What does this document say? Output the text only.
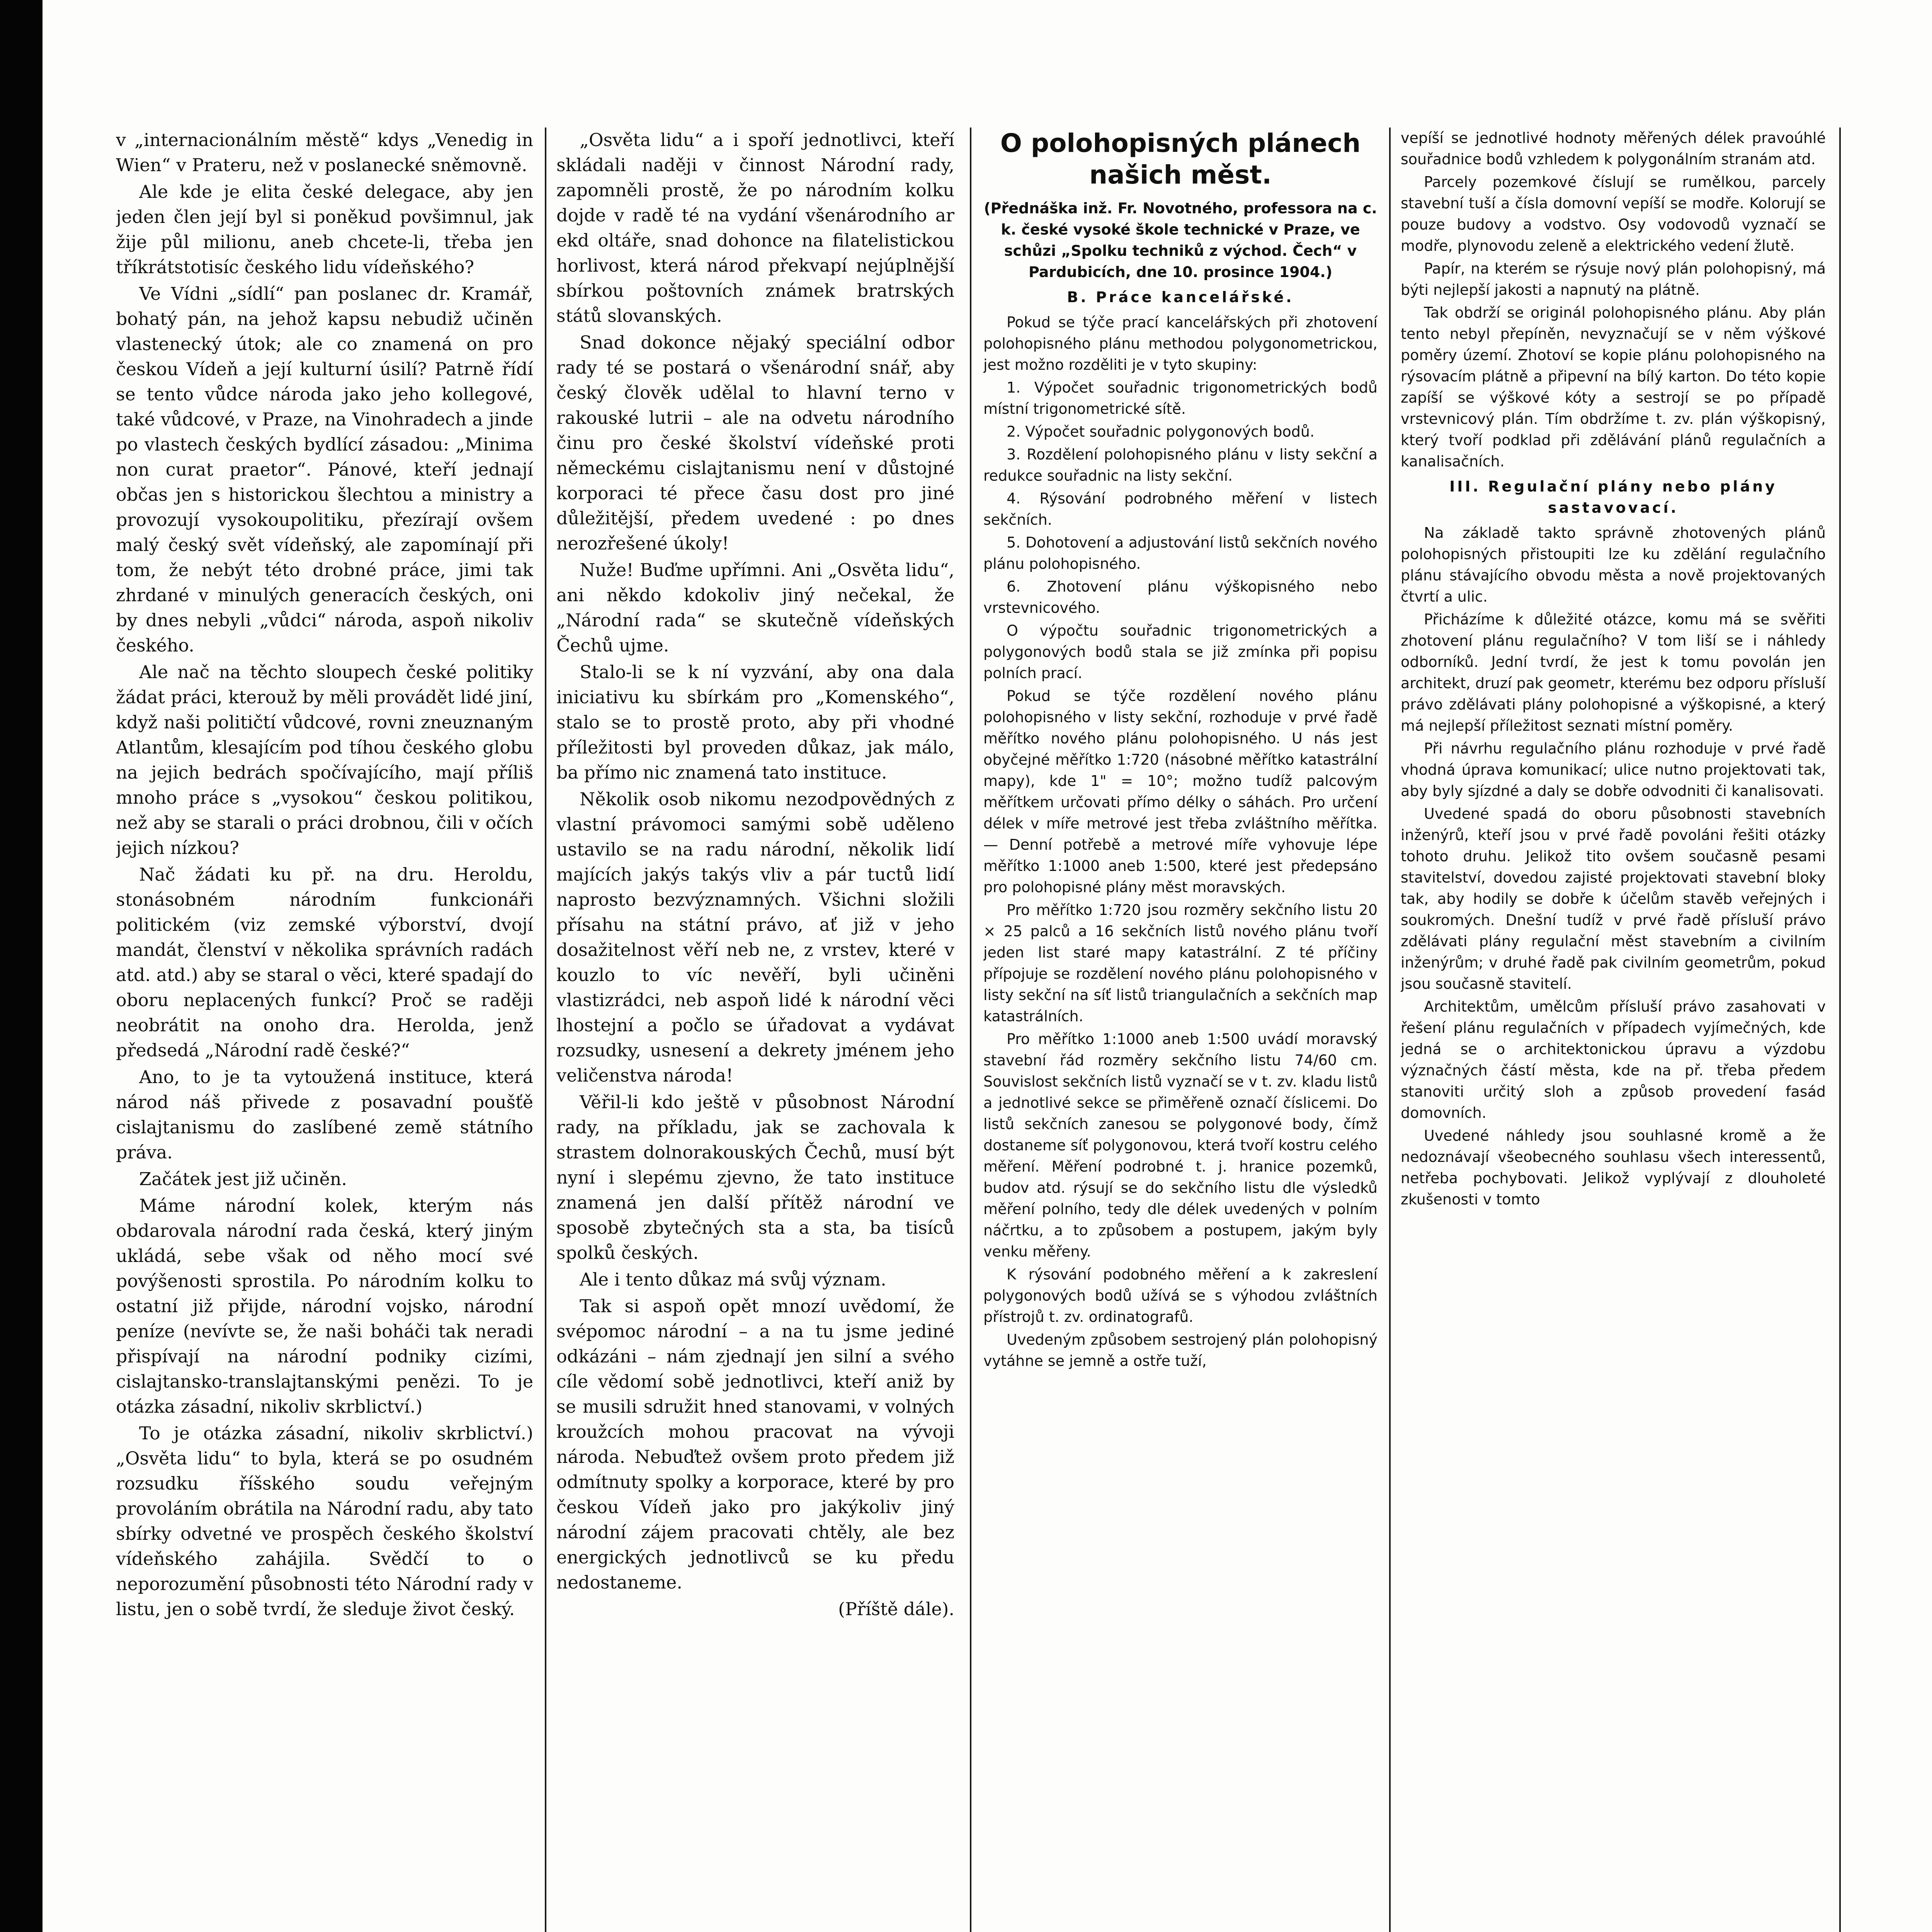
v „internacionálním městě“ kdys „Venedig in Wien“ v Prateru, než v poslanecké sněmovně.

Ale kde je elita české delegace, aby jen jeden člen její byl si poněkud povšimnul, jak žije půl milionu, aneb chcete-li, třeba jen tříkrátstotisíc českého lidu vídeňského?

Ve Vídni „sídlí“ pan poslanec dr. Kramář, bohatý pán, na jehož kapsu nebudiž učiněn vlastenecký útok; ale co znamená on pro českou Vídeň a její kulturní úsilí? Patrně řídí se tento vůdce národa jako jeho kollegové, také vůdcové, v Praze, na Vinohradech a jinde po vlastech českých bydlící zásadou: „Minima non curat praetor“. Pánové, kteří jednají občas jen s historickou šlechtou a ministry a provozují vysokoupolitiku, přezírají ovšem malý český svět vídeňský, ale zapomínají při tom, že nebýt této drobné práce, jimi tak zhrdané v minulých generacích českých, oni by dnes nebyli „vůdci“ národa, aspoň nikoliv českého.

Ale nač na těchto sloupech české politiky žádat práci, kterouž by měli provádět lidé jiní, když naši političtí vůdcové, rovni zneuznaným Atlantům, klesajícím pod tíhou českého globu na jejich bedrách spočívajícího, mají příliš mnoho práce s „vysokou“ českou politikou, než aby se starali o práci drobnou, čili v očích jejich nízkou?

Nač žádati ku př. na dru. Heroldu, stonásobném národním funkcionáři politickém (viz zemské výborství, dvojí mandát, členství v několika správních radách atd. atd.) aby se staral o věci, které spadají do oboru neplacených funkcí? Proč se raději neobrátit na onoho dra. Herolda, jenž předsedá „Národní radě české?“

Ano, to je ta vytoužená instituce, která národ náš přivede z posavadní poušťě cislajtanismu do zaslíbené země státního práva.

Začátek jest již učiněn.

Máme národní kolek, kterým nás obdarovala národní rada česká, který jiným ukládá, sebe však od něho mocí své povýšenosti sprostila. Po národním kolku to ostatní již přijde, národní vojsko, národní peníze (nevívte se, že naši boháči tak neradi přispívají na národní podniky cizími, cislajtansko-translajtanskými penězi. To je otázka zásadní, nikoliv skrblictví.)

To je otázka zásadní, nikoliv skrblictví.) „Osvěta lidu“ to byla, která se po osudném rozsudku říšského soudu veřejným provoláním obrátila na Národní radu, aby tato sbírky odvetné ve prospěch českého školství vídeňského zahájila. Svědčí to o neporozumění působnosti této Národní rady v listu, jen o sobě tvrdí, že sleduje život český.

„Osvěta lidu“ a i spoří jednotlivci, kteří skládali naději v činnost Národní rady, zapomněli prostě, že po národním kolku dojde v radě té na vydání všenárodního ar ekd oltáře, snad dohonce na filatelistickou horlivost, která národ překvapí nejúplnější sbírkou poštovních známek bratrských států slovanských.

Snad dokonce nějaký speciální odbor rady té se postará o všenárodní snář, aby český člověk udělal to hlavní terno v rakouské lutrii – ale na odvetu národního činu pro české školství vídeňské proti německému cislajtanismu není v důstojné korporaci té přece času dost pro jiné důležitější, předem uvedené : po dnes nerozřešené úkoly!

Nuže! Buďme upřímni. Ani „Osvěta lidu“, ani někdo kdokoliv jiný nečekal, že „Národní rada“ se skutečně vídeňských Čechů ujme.

Stalo-li se k ní vyzvání, aby ona dala iniciativu ku sbírkám pro „Komenského“, stalo se to prostě proto, aby při vhodné příležitosti byl proveden důkaz, jak málo, ba přímo nic znamená tato instituce.

Několik osob nikomu nezodpovědných z vlastní právomoci samými sobě uděleno ustavilo se na radu národní, několik lidí majících jakýs takýs vliv a pár tuctů lidí naprosto bezvýznamných. Všichni složili přísahu na státní právo, ať již v jeho dosažitelnost věří neb ne, z vrstev, které v kouzlo to víc nevěří, byli učiněni vlastizrádci, neb aspoň lidé k národní věci lhostejní a počlo se úřadovat a vydávat rozsudky, usnesení a dekrety jménem jeho veličenstva národa!

Věřil-li kdo ještě v působnost Národní rady, na příkladu, jak se zachovala k strastem dolnorakouských Čechů, musí být nyní i slepému zjevno, že tato instituce znamená jen další přítěž národní ve sposobě zbytečných sta a sta, ba tisíců spolků českých.

Ale i tento důkaz má svůj význam.

Tak si aspoň opět mnozí uvědomí, že svépomoc národní – a na tu jsme jediné odkázáni – nám zjednají jen silní a svého cíle vědomí sobě jednotlivci, kteří aniž by se musili sdružit hned stanovami, v volných kroužcích mohou pracovat na vývoji národa. Nebuďtež ovšem proto předem již odmítnuty spolky a korporace, které by pro českou Vídeň jako pro jakýkoliv jiný národní zájem pracovati chtěly, ale bez energických jednotlivců se ku předu nedostaneme.

(Příště dále).

O polohopisných plánech našich měst.

(Přednáška inž. Fr. Novotného, professora na c. k. české vysoké škole technické v Praze, ve schůzi „Spolku techniků z východ. Čech“ v Pardubicích, dne 10. prosince 1904.)

B. Práce kancelářské.

Pokud se týče prací kancelářských při zhotovení polohopisného plánu methodou polygonometrickou, jest možno rozděliti je v tyto skupiny:

1. Výpočet souřadnic trigonometrických bodů místní trigonometrické sítě.

2. Výpočet souřadnic polygonových bodů.

3. Rozdělení polohopisného plánu v listy sekční a redukce souřadnic na listy sekční.

4. Rýsování podrobného měření v listech sekčních.

5. Dohotovení a adjustování listů sekčních nového plánu polohopisného.

6. Zhotovení plánu výškopisného nebo vrstevnicového.

O výpočtu souřadnic trigonometrických a polygonových bodů stala se již zmínka při popisu polních prací.

Pokud se týče rozdělení nového plánu polohopisného v listy sekční, rozhoduje v prvé řadě měřítko nového plánu polohopisného. U nás jest obyčejné měřítko 1:720 (násobné měřítko katastrální mapy), kde 1" = 10°; možno tudíž palcovým měřítkem určovati přímo délky o sáhách. Pro určení délek v míře metrové jest třeba zvláštního měřítka. — Denní potřebě a metrové míře vyhovuje lépe měřítko 1:1000 aneb 1:500, které jest předepsáno pro polohopisné plány měst moravských.

Pro měřítko 1:720 jsou rozměry sekčního listu 20 × 25 palců a 16 sekčních listů nového plánu tvoří jeden list staré mapy katastrální. Z té příčiny přípojuje se rozdělení nového plánu polohopisného v listy sekční na síť listů triangulačních a sekčních map katastrálních.

Pro měřítko 1:1000 aneb 1:500 uvádí moravský stavební řád rozměry sekčního listu 74/60 cm. Souvislost sekčních listů vyznačí se v t. zv. kladu listů a jednotlivé sekce se přiměřeně označí číslicemi. Do listů sekčních zanesou se polygonové body, čímž dostaneme síť polygonovou, která tvoří kostru celého měření. Měření podrobné t. j. hranice pozemků, budov atd. rýsují se do sekčního listu dle výsledků měření polního, tedy dle délek uvedených v polním náčrtku, a to způsobem a postupem, jakým byly venku měřeny.

K rýsování podobného měření a k zakreslení polygonových bodů užívá se s výhodou zvláštních přístrojů t. zv. ordinatografů.

Uvedeným způsobem sestrojený plán polohopisný vytáhne se jemně a ostře tuží,

vepíší se jednotlivé hodnoty měřených délek pravoúhlé souřadnice bodů vzhledem k polygonálním stranám atd.

Parcely pozemkové číslují se rumělkou, parcely stavební tuší a čísla domovní vepíší se modře. Kolorují se pouze budovy a vodstvo. Osy vodovodů vyznačí se modře, plynovodu zeleně a elektrického vedení žlutě.

Papír, na kterém se rýsuje nový plán polohopisný, má býti nejlepší jakosti a napnutý na plátně.

Tak obdrží se originál polohopisného plánu. Aby plán tento nebyl přepíněn, nevyznačují se v něm výškové poměry území. Zhotoví se kopie plánu polohopisného na rýsovacím plátně a připevní na bílý karton. Do této kopie zapíší se výškové kóty a sestrojí se po případě vrstevnicový plán. Tím obdržíme t. zv. plán výškopisný, který tvoří podklad při zdělávání plánů regulačních a kanalisačních.

III. Regulační plány nebo plány sastavovací.

Na základě takto správně zhotovených plánů polohopisných přistoupiti lze ku zdělání regulačního plánu stávajícího obvodu města a nově projektovaných čtvrtí a ulic.

Přicházíme k důležité otázce, komu má se svěřiti zhotovení plánu regulačního? V tom liší se i náhledy odborníků. Jední tvrdí, že jest k tomu povolán jen architekt, druzí pak geometr, kterému bez odporu přísluší právo zdělávati plány polohopisné a výškopisné, a který má nejlepší příležitost seznati místní poměry.

Při návrhu regulačního plánu rozhoduje v prvé řadě vhodná úprava komunikací; ulice nutno projektovati tak, aby byly sjízdné a daly se dobře odvodniti či kanalisovati.

Uvedené spadá do oboru působnosti stavebních inženýrů, kteří jsou v prvé řadě povoláni řešiti otázky tohoto druhu. Jelikož tito ovšem současně pesami stavitelství, dovedou zajisté projektovati stavební bloky tak, aby hodily se dobře k účelům stavěb veřejných i soukromých. Dnešní tudíž v prvé řadě přísluší právo zdělávati plány regulační měst stavebním a civilním inženýrům; v druhé řadě pak civilním geometrům, pokud jsou současně stavitelí.

Architektům, umělcům přísluší právo zasahovati v řešení plánu regulačních v případech vyjímečných, kde jedná se o architektonickou úpravu a výzdobu význačných částí města, kde na př. třeba předem stanoviti určitý sloh a způsob provedení fasád domovních.

Uvedené náhledy jsou souhlasné kromě a že nedoznávají všeobecného souhlasu všech interessentů, netřeba pochybovati. Jelikož vyplývají z dlouholeté zkušenosti v tomto
